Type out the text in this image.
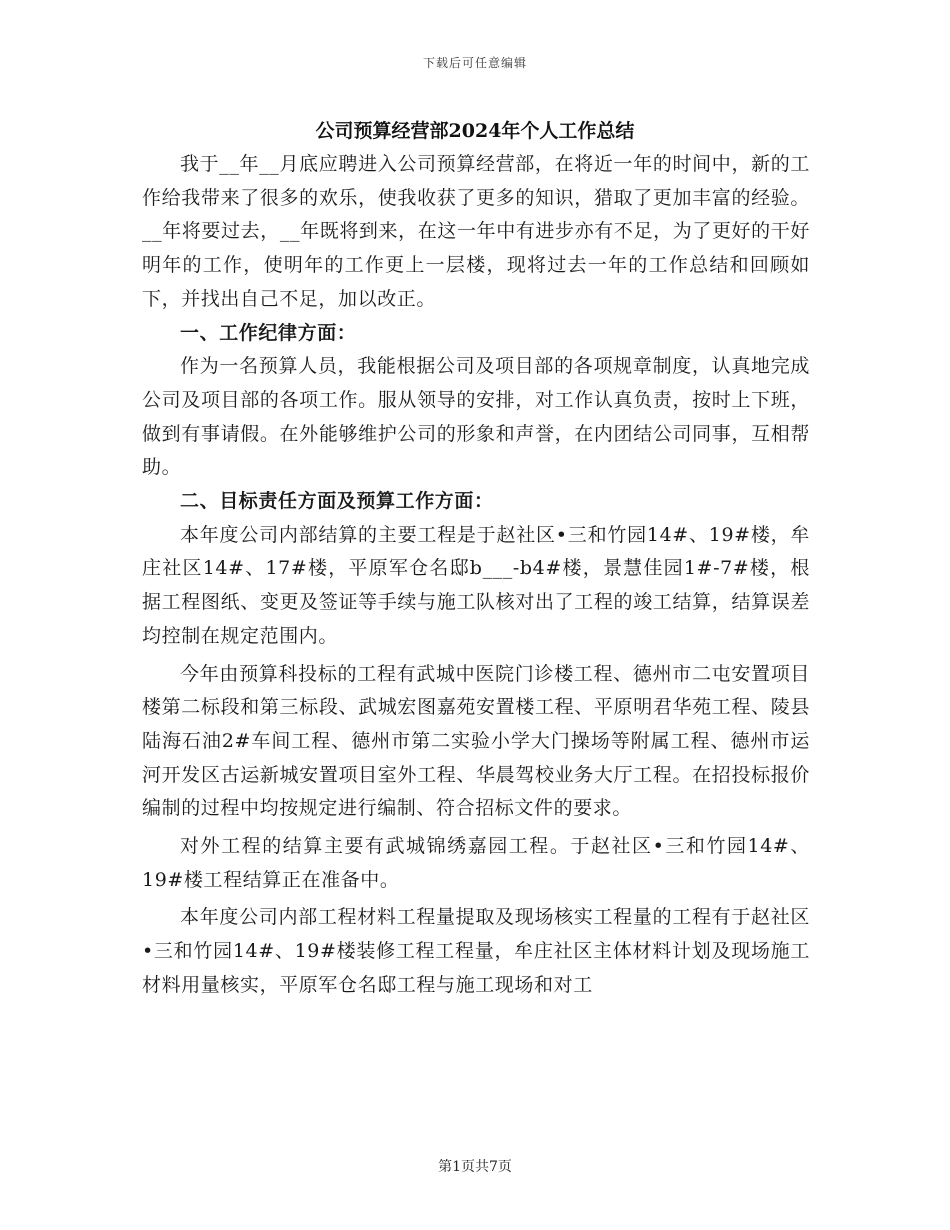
下载后可任意编辑
公司预算经营部2024年个人工作总结

我于__年__月底应聘进入公司预算经营部，在将近一年的时间中，新的工作给我带来了很多的欢乐，使我收获了更多的知识，猎取了更加丰富的经验。__年将要过去，__年既将到来，在这一年中有进步亦有不足，为了更好的干好明年的工作，使明年的工作更上一层楼，现将过去一年的工作总结和回顾如下，并找出自己不足，加以改正。

一、工作纪律方面：

作为一名预算人员，我能根据公司及项目部的各项规章制度，认真地完成公司及项目部的各项工作。服从领导的安排，对工作认真负责，按时上下班，做到有事请假。在外能够维护公司的形象和声誉，在内团结公司同事，互相帮助。

二、目标责任方面及预算工作方面：

本年度公司内部结算的主要工程是于赵社区•三和竹园14#、19#楼，牟庄社区14#、17#楼，平原军仓名邸b___-b4#楼，景慧佳园1#-7#楼，根据工程图纸、变更及签证等手续与施工队核对出了工程的竣工结算，结算误差均控制在规定范围内。

今年由预算科投标的工程有武城中医院门诊楼工程、德州市二屯安置项目楼第二标段和第三标段、武城宏图嘉苑安置楼工程、平原明君华苑工程、陵县陆海石油2#车间工程、德州市第二实验小学大门操场等附属工程、德州市运河开发区古运新城安置项目室外工程、华晨驾校业务大厅工程。在招投标报价编制的过程中均按规定进行编制、符合招标文件的要求。

对外工程的结算主要有武城锦绣嘉园工程。于赵社区•三和竹园14#、19#楼工程结算正在准备中。

本年度公司内部工程材料工程量提取及现场核实工程量的工程有于赵社区•三和竹园14#、19#楼装修工程工程量，牟庄社区主体材料计划及现场施工材料用量核实，平原军仓名邸工程与施工现场和对工

第1页共7页
